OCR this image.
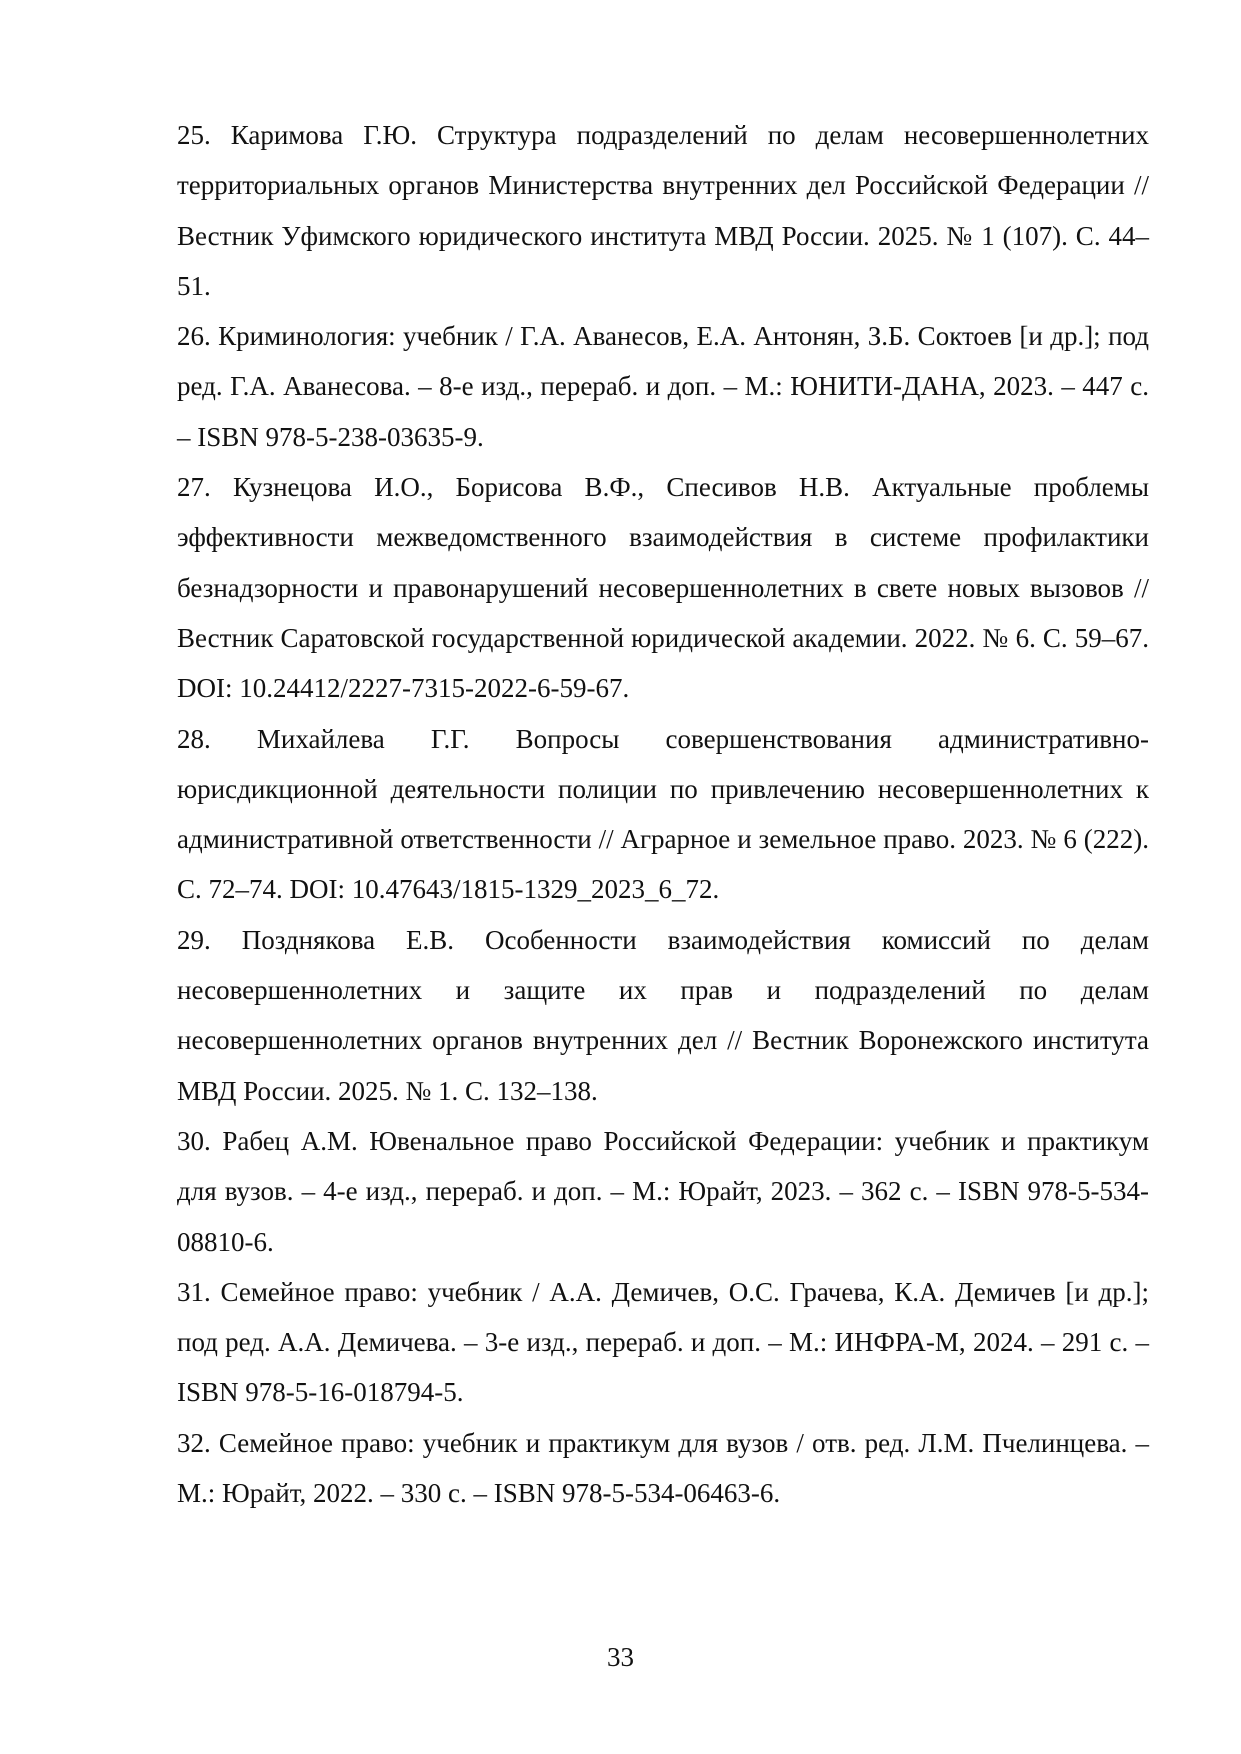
25. Каримова Г.Ю. Структура подразделений по делам несовершеннолетних территориальных органов Министерства внутренних дел Российской Федерации // Вестник Уфимского юридического института МВД России. 2025. № 1 (107). С. 44–51.

26. Криминология: учебник / Г.А. Аванесов, Е.А. Антонян, З.Б. Соктоев [и др.]; под ред. Г.А. Аванесова. – 8-е изд., перераб. и доп. – М.: ЮНИТИ-ДАНА, 2023. – 447 с. – ISBN 978-5-238-03635-9.

27. Кузнецова И.О., Борисова В.Ф., Спесивов Н.В. Актуальные проблемы эффективности межведомственного взаимодействия в системе профилактики безнадзорности и правонарушений несовершеннолетних в свете новых вызовов // Вестник Саратовской государственной юридической академии. 2022. № 6. С. 59–67. DOI: 10.24412/2227-7315-2022-6-59-67.

28. Михайлева Г.Г. Вопросы совершенствования административно-юрисдикционной деятельности полиции по привлечению несовершеннолетних к административной ответственности // Аграрное и земельное право. 2023. № 6 (222). С. 72–74. DOI: 10.47643/1815-1329_2023_6_72.

29. Позднякова Е.В. Особенности взаимодействия комиссий по делам несовершеннолетних и защите их прав и подразделений по делам несовершеннолетних органов внутренних дел // Вестник Воронежского института МВД России. 2025. № 1. С. 132–138.

30. Рабец А.М. Ювенальное право Российской Федерации: учебник и практикум для вузов. – 4-е изд., перераб. и доп. – М.: Юрайт, 2023. – 362 с. – ISBN 978-5-534-08810-6.

31. Семейное право: учебник / А.А. Демичев, О.С. Грачева, К.А. Демичев [и др.]; под ред. А.А. Демичева. – 3-е изд., перераб. и доп. – М.: ИНФРА-М, 2024. – 291 с. – ISBN 978-5-16-018794-5.

32. Семейное право: учебник и практикум для вузов / отв. ред. Л.М. Пчелинцева. – М.: Юрайт, 2022. – 330 с. – ISBN 978-5-534-06463-6.

33
